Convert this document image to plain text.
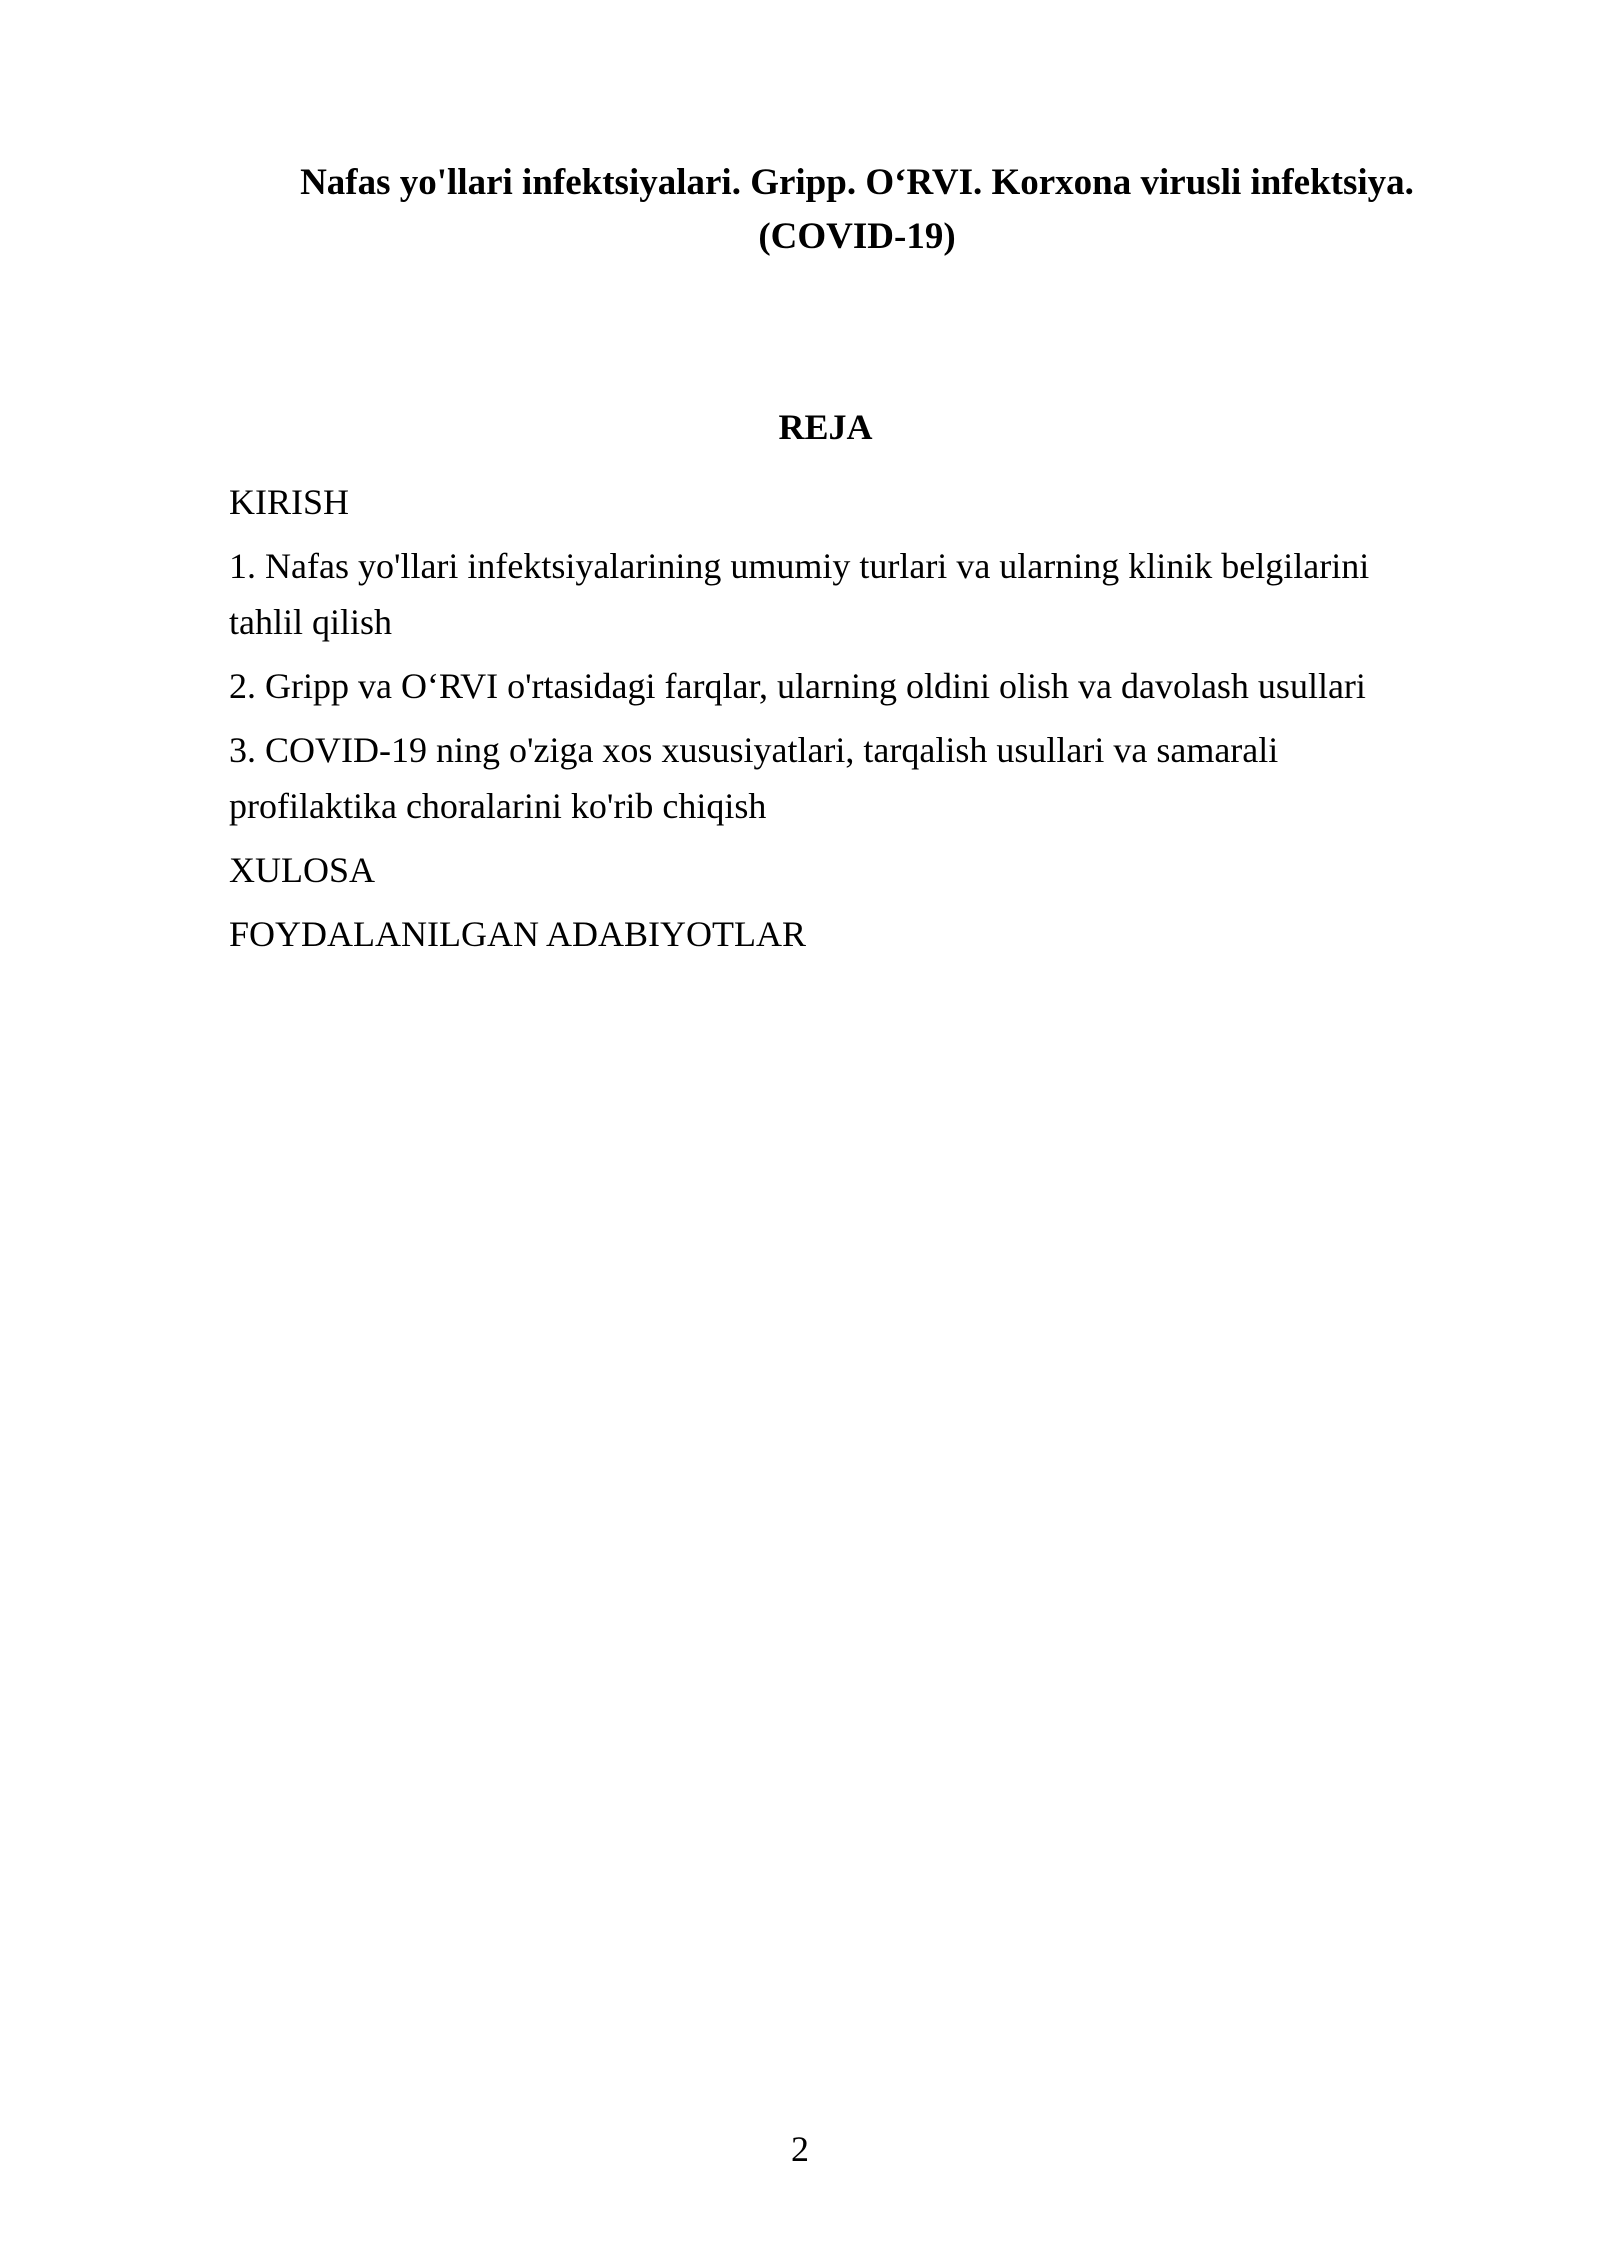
Nafas yo'llari infektsiyalari. Gripp. O‘RVI. Korxona virusli infektsiya.
(COVID-19)
REJA
KIRISH
1. Nafas yo'llari infektsiyalarining umumiy turlari va ularning klinik belgilarini
tahlil qilish
2. Gripp va O‘RVI o'rtasidagi farqlar, ularning oldini olish va davolash usullari
3. COVID-19 ning o'ziga xos xususiyatlari, tarqalish usullari va samarali
profilaktika choralarini ko'rib chiqish
XULOSA
FOYDALANILGAN ADABIYOTLAR
2
